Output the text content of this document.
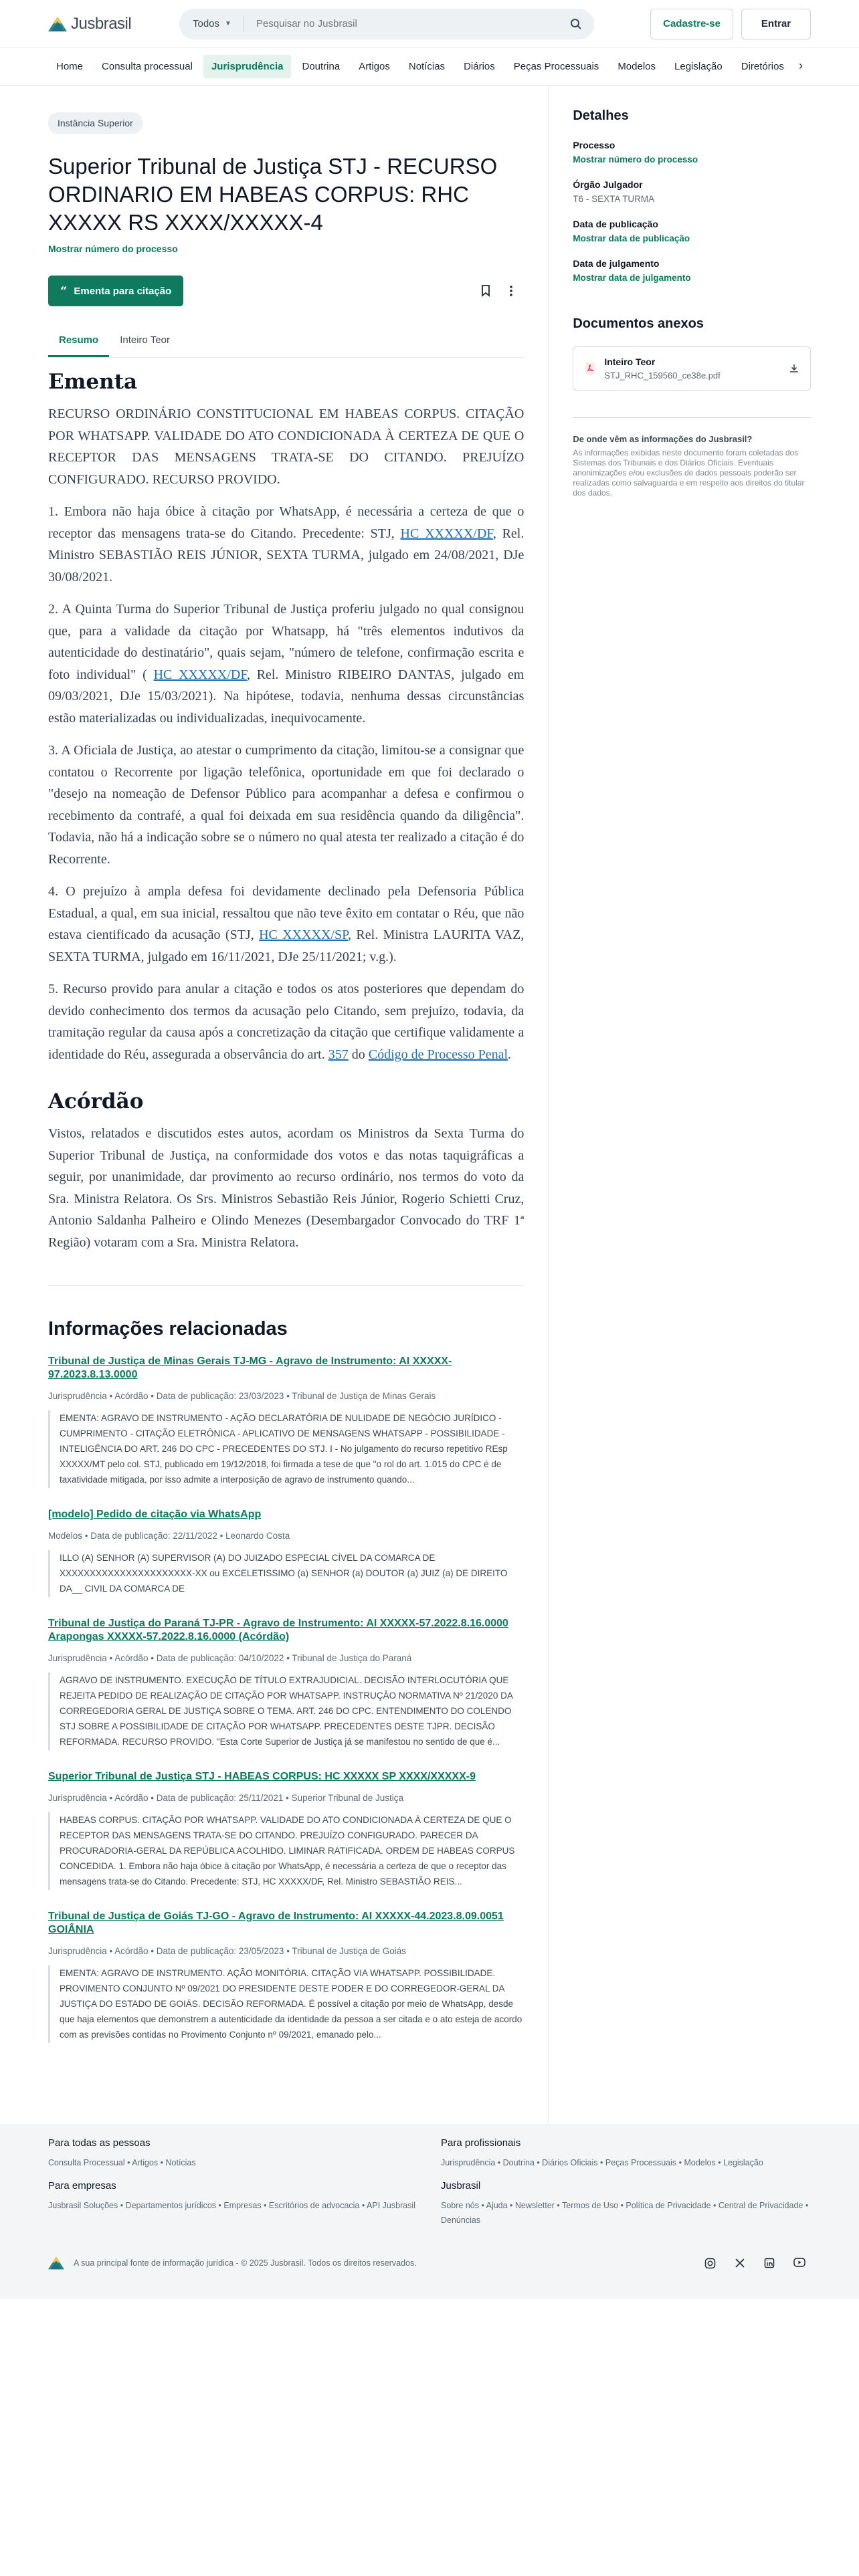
Jusbrasil	Todos ▼
Pesquisar no Jusbrasil	Cadastre-se	Entrar
Home	Consulta processual	Jurisprudência	Doutrina	Artigos	Notícias	Diários	Peças Processuais	Modelos	Legislação	Diretórios	›
Instância Superior
Superior Tribunal de Justiça STJ - RECURSO ORDINARIO EM HABEAS CORPUS: RHC XXXXX RS XXXX/XXXXX-4
Mostrar número do processo
“ Ementa para citação
Resumo	Inteiro Teor
Ementa

RECURSO ORDINÁRIO CONSTITUCIONAL EM HABEAS CORPUS. CITAÇÃO POR WHATSAPP. VALIDADE DO ATO CONDICIONADA À CERTEZA DE QUE O RECEPTOR DAS MENSAGENS TRATA-SE DO CITANDO. PREJUÍZO CONFIGURADO. RECURSO PROVIDO.

1. Embora não haja óbice à citação por WhatsApp, é necessária a certeza de que o receptor das mensagens trata-se do Citando. Precedente: STJ, HC XXXXX/DF, Rel. Ministro SEBASTIÃO REIS JÚNIOR, SEXTA TURMA, julgado em 24/08/2021, DJe 30/08/2021.

2. A Quinta Turma do Superior Tribunal de Justiça proferiu julgado no qual consignou que, para a validade da citação por Whatsapp, há "três elementos indutivos da autenticidade do destinatário", quais sejam, "número de telefone, confirmação escrita e foto individual" ( HC XXXXX/DF, Rel. Ministro RIBEIRO DANTAS, julgado em 09/03/2021, DJe 15/03/2021). Na hipótese, todavia, nenhuma dessas circunstâncias estão materializadas ou individualizadas, inequivocamente.

3. A Oficiala de Justiça, ao atestar o cumprimento da citação, limitou-se a consignar que contatou o Recorrente por ligação telefônica, oportunidade em que foi declarado o "desejo na nomeação de Defensor Público para acompanhar a defesa e confirmou o recebimento da contrafé, a qual foi deixada em sua residência quando da diligência". Todavia, não há a indicação sobre se o número no qual atesta ter realizado a citação é do Recorrente.

4. O prejuízo à ampla defesa foi devidamente declinado pela Defensoria Pública Estadual, a qual, em sua inicial, ressaltou que não teve êxito em contatar o Réu, que não estava cientificado da acusação (STJ, HC XXXXX/SP, Rel. Ministra LAURITA VAZ, SEXTA TURMA, julgado em 16/11/2021, DJe 25/11/2021; v.g.).

5. Recurso provido para anular a citação e todos os atos posteriores que dependam do devido conhecimento dos termos da acusação pelo Citando, sem prejuízo, todavia, da tramitação regular da causa após a concretização da citação que certifique validamente a identidade do Réu, assegurada a observância do art. 357 do Código de Processo Penal.

Acórdão

Vistos, relatados e discutidos estes autos, acordam os Ministros da Sexta Turma do Superior Tribunal de Justiça, na conformidade dos votos e das notas taquigráficas a seguir, por unanimidade, dar provimento ao recurso ordinário, nos termos do voto da Sra. Ministra Relatora. Os Srs. Ministros Sebastião Reis Júnior, Rogerio Schietti Cruz, Antonio Saldanha Palheiro e Olindo Menezes (Desembargador Convocado do TRF 1ª Região) votaram com a Sra. Ministra Relatora.

Informações relacionadas
Tribunal de Justiça de Minas Gerais TJ-MG - Agravo de Instrumento: AI XXXXX-97.2023.8.13.0000
Jurisprudência • Acórdão • Data de publicação: 23/03/2023 • Tribunal de Justiça de Minas Gerais
EMENTA: AGRAVO DE INSTRUMENTO - AÇÃO DECLARATÓRIA DE NULIDADE DE NEGÓCIO JURÍDICO - CUMPRIMENTO - CITAÇÃO ELETRÔNICA - APLICATIVO DE MENSAGENS WHATSAPP - POSSIBILIDADE - INTELIGÊNCIA DO ART. 246 DO CPC - PRECEDENTES DO STJ. I - No julgamento do recurso repetitivo REsp XXXXX/MT pelo col. STJ, publicado em 19/12/2018, foi firmada a tese de que "o rol do art. 1.015 do CPC é de taxatividade mitigada, por isso admite a interposição de agravo de instrumento quando...
[modelo] Pedido de citação via WhatsApp
Modelos • Data de publicação: 22/11/2022 • Leonardo Costa
ILLO (A) SENHOR (A) SUPERVISOR (A) DO JUIZADO ESPECIAL CÍVEL DA COMARCA DE XXXXXXXXXXXXXXXXXXXXXX-XX ou EXCELETISSIMO (a) SENHOR (a) DOUTOR (a) JUIZ (a) DE DIREITO DA__ CIVIL DA COMARCA DE
Tribunal de Justiça do Paraná TJ-PR - Agravo de Instrumento: AI XXXXX-57.2022.8.16.0000 Arapongas XXXXX-57.2022.8.16.0000 (Acórdão)
Jurisprudência • Acórdão • Data de publicação: 04/10/2022 • Tribunal de Justiça do Paraná
AGRAVO DE INSTRUMENTO. EXECUÇÃO DE TÍTULO EXTRAJUDICIAL. DECISÃO INTERLOCUTÓRIA QUE REJEITA PEDIDO DE REALIZAÇÃO DE CITAÇÃO POR WHATSAPP. INSTRUÇÃO NORMATIVA Nº 21/2020 DA CORREGEDORIA GERAL DE JUSTIÇA SOBRE O TEMA. ART. 246 DO CPC. ENTENDIMENTO DO COLENDO STJ SOBRE A POSSIBILIDADE DE CITAÇÃO POR WHATSAPP. PRECEDENTES DESTE TJPR. DECISÃO REFORMADA. RECURSO PROVIDO. "Esta Corte Superior de Justiça já se manifestou no sentido de que é...
Superior Tribunal de Justiça STJ - HABEAS CORPUS: HC XXXXX SP XXXX/XXXXX-9
Jurisprudência • Acórdão • Data de publicação: 25/11/2021 • Superior Tribunal de Justiça
HABEAS CORPUS. CITAÇÃO POR WHATSAPP. VALIDADE DO ATO CONDICIONADA À CERTEZA DE QUE O RECEPTOR DAS MENSAGENS TRATA-SE DO CITANDO. PREJUÍZO CONFIGURADO. PARECER DA PROCURADORIA-GERAL DA REPÚBLICA ACOLHIDO. LIMINAR RATIFICADA. ORDEM DE HABEAS CORPUS CONCEDIDA. 1. Embora não haja óbice à citação por WhatsApp, é necessária a certeza de que o receptor das mensagens trata-se do Citando. Precedente: STJ, HC XXXXX/DF, Rel. Ministro SEBASTIÃO REIS...
Tribunal de Justiça de Goiás TJ-GO - Agravo de Instrumento: AI XXXXX-44.2023.8.09.0051 GOIÂNIA
Jurisprudência • Acórdão • Data de publicação: 23/05/2023 • Tribunal de Justiça de Goiás
EMENTA: AGRAVO DE INSTRUMENTO. AÇÃO MONITÓRIA. CITAÇÃO VIA WHATSAPP. POSSIBILIDADE. PROVIMENTO CONJUNTO Nº 09/2021 DO PRESIDENTE DESTE PODER E DO CORREGEDOR-GERAL DA JUSTIÇA DO ESTADO DE GOIÁS. DECISÃO REFORMADA. É possível a citação por meio de WhatsApp, desde que haja elementos que demonstrem a autenticidade da identidade da pessoa a ser citada e o ato esteja de acordo com as previsões contidas no Provimento Conjunto nº 09/2021, emanado pelo...
Detalhes
Processo
Mostrar número do processo
Órgão Julgador
T6 - SEXTA TURMA
Data de publicação
Mostrar data de publicação
Data de julgamento
Mostrar data de julgamento
Documentos anexos
Inteiro Teor
STJ_RHC_159560_ce38e.pdf
De onde vêm as informações do Jusbrasil?

As informações exibidas neste documento foram coletadas dos Sistemas dos Tribunais e dos Diários Oficiais. Eventuais anonimizações e/ou exclusões de dados pessoais poderão ser realizadas como salvaguarda e em respeito aos direitos do titular dos dados.

Para todas as pessoas
Consulta Processual • Artigos • Notícias
Para profissionais
Jurisprudência • Doutrina • Diários Oficiais • Peças Processuais • Modelos • Legislação
Para empresas
Jusbrasil Soluções • Departamentos jurídicos • Empresas • Escritórios de advocacia • API Jusbrasil
Jusbrasil
Sobre nós • Ajuda • Newsletter • Termos de Uso • Política de Privacidade • Central de Privacidade • Denúncias
A sua principal fonte de informação jurídica - © 2025 Jusbrasil. Todos os direitos reservados.
